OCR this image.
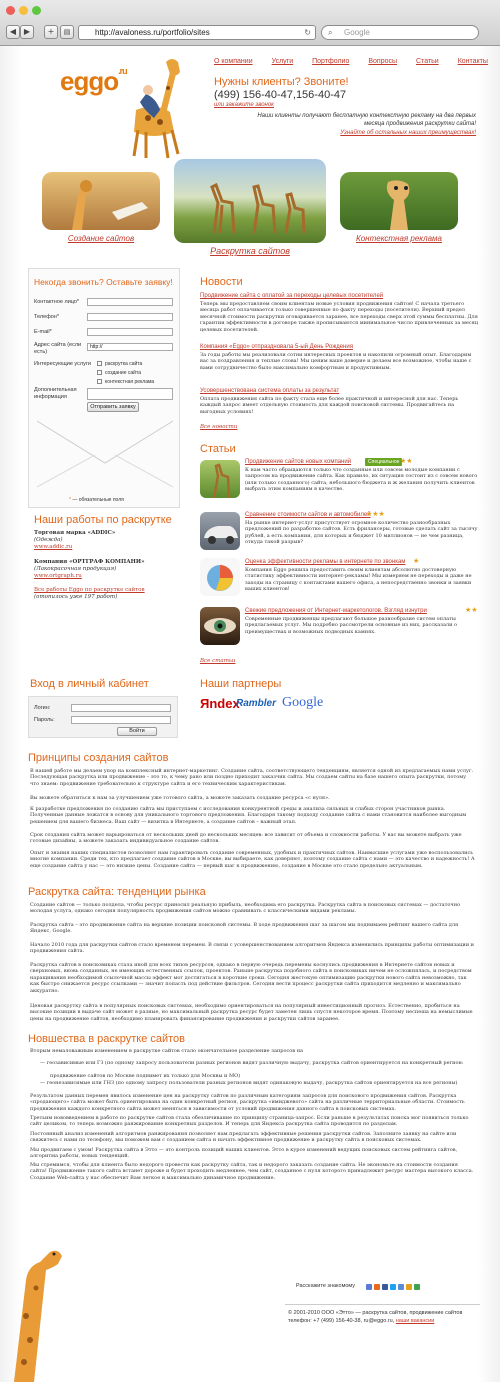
◀ ▶	+	▤	http://avaloness.ru/portfolio/sites	↻ ⌕ Google
eggo$^{.ru}$
О компании	Услуги	Портфолио	Вопросы	Статьи	Контакты
Нужны клиенты? Звоните!
(499) 156-40-47,156-40-47
или закажите звонок
Наши клиенты получают бесплатную контекстную рекламу на два первых месяца продвижения раскрутки сайта!
Узнайте об остальных наших преимуществах!
Создание сайтов
Раскрутка сайтов
Контекстная реклама
Некогда звонить? Оставьте заявку!
Контактное лицо*
Телефон*
E-mail*
Адрес сайта (если есть)
http://
Интересующие услуги	раскрутка сайта
создание сайта
контекстная реклама
Дополнительная информация
Отправить заявку
* — обязательные поля
Новости
Продвижение сайта с оплатой за переходы целевых посетителей
Теперь мы предоставляем своим клиентам новые условия продвижения сайтов! С начала третьего месяца работ оплачивается только совершенные по факту переходы (посетители). Верхний предел месячной стоимости раскрутки оговаривается заранее, все переходы сверх этой суммы бесплатны. Для гарантии эффективности в договоре также прописываются минимальное число привлеченных за месяц целевых посетителей.
Компания «Eggo» отпраздновала 5-ый День Рождения
За годы работы мы реализовали сотни интересных проектов и накопили огромный опыт. Благодарим вас за поздравления и теплые слова! Мы ценим ваше доверие и делаем все возможное, чтобы наше с вами сотрудничество было максимально комфортным и продуктивным.
Усовершенствована система оплаты за результат
Оплата продвижения сайта по факту стала еще более практичной и интересной для нас. Теперь каждый запрос имеет отдельную стоимость для каждой поисковой системы. Продвигайтесь на выгодных условиях!
Все новости
Статьи
Продвижение сайтов новых компаний	Специальное ★★
К нам часто обращаются только что созданные или совсем молодые компании с запросом на продвижение сайта. Как правило, их ситуация состоит из с совсем нового (или только созданного) сайта, небольшого бюджета и ж желания получить клиентов выбрать этим компаниям в качестве.
Сравнение стоимости сайтов и автомобилей
★★★
На рынке интернет-услуг присутствует огромное количество разнообразных предложений по разработке сайтов. Есть фрилансеры, готовые сделать сайт за тысячу рублей, а есть компании, для которых и бюджет 10 миллионов — не чем разница, откуда такой разрыв?
Оценка эффективности рекламы в интернете по звонкам ★
Компания Eggo решила предоставить своим клиентам абсолютно достоверную статистику эффективности интернет-рекламы! Мы измеряем не переходы и даже не заходы на страницу с контактами вашего офиса, а непосредственно звонки и заявки ваших клиентов!
Свежие предложения от Интернет-маркетологов. Взгляд изнутри	★★
Современные продвиженцы предлагают большое разнообразие систем оплаты предлагаемых услуг. Мы подробно рассмотрели основные из них, рассказали о преимуществах и возможных подводных камнях.
Все статьи
Наши работы по раскрутке
Торговая марка «ADDIC»
(Одежда)
www.addic.ru
Компания «ОРТГРАФ КОМПАНИ»
(Лакокрасочная продукция)
www.ortgraph.ru
Все работы Eggo по раскрутке сайтов
(отопилось уже 197 работ)
Вход в личный кабинет
Логин:
Пароль:
Войти
Наши партнеры
Яndex
Rambler Google
Принципы создания сайтов
В нашей работе мы делаем упор на комплексный интернет-маркетинг. Создание сайта, соответствующего тенденциям, является одной из предлагаемых нами услуг. Последующая раскрутка или продвижение – это то, к чему рано или поздно приходит заказчик сайта. Мы создаем сайты на базе нашего опыта раскрутки, потому что знаем: продвижение требовательно к структуре сайта и его техническим характеристикам.
Вы можете обратиться к нам за улучшением уже готового сайта, а можете заказать создание ресурса «с нуля».
К разработке предложения по созданию сайта мы приступаем с исследования конкурентной среды и анализа сильных и слабых сторон участников рынка. Полученные данные ложатся в основу для уникального торгового предложения. Благодаря такому подходу создание сайта с нами становится наиболее выгодным решением для вашего бизнеса. Ваш сайт — визитка в Интернете, а создание сайтов – важный этап.
Срок создания сайта может варьироваться от нескольких дней до нескольких месяцев: все зависит от объема и сложности работы. У вас вы можете выбрать уже готовые дизайны, а можете заказать индивидуальное создание сайтов.
Опыт и знания наших специалистов позволяют нам гарантировать создание современных, удобных и практичных сайтов. Наивысшие услугами уже воспользовались многие компании. Среди тех, кто предлагает создание сайтов в Москве, вы выбираете, как доверяют, поэтому создание сайта с нами — это качество и надежность! А еще создание сайта у нас — это низкие цены. Создание сайта — первый шаг к продвижению, создание в Москве это стало предельно актуальным.
Раскрутка сайта: тенденции рынка
Создание сайтов — только полдела, чтобы ресурс приносил реальную прибыль, необходима его раскрутка. Раскрутка сайта в поисковых системах — достаточно молодая услуга, однако сегодня популярность продвижения сайтов можно сравнивать с классическими видами рекламы.
Раскрутка сайта – это продвижение сайта на верхние позиции поисковой системы. В ходе продвижения шаг за шагом мы поднимаем рейтинг вашего сайта для Яндекс, Google.
Начало 2010 года для раскрутки сайтов стало временем перемен. В связи с усовершенствованием алгоритмов Яндекса изменились принципы работы оптимизации и продвижения сайта.
Раскрутка сайтов в поисковиках стала иной для всех типов ресурсов, однако в первую очередь перемены коснулись продвижения в Интернете сайтов новых и сверхновых, вновь созданных, не имеющих естественных ссылок, проектов. Раньше раскрутка подобного сайта в поисковиках ничем не осложнялась, и посредством наращивания необходимой ссылочной массы эффект мог достигаться в короткие сроки. Сегодня жестокую оптимизацию раскрутки нового сайта невозможно, так как быстро снижается ресурс ссылками — значит попасть под действие фильтров. Сегодня вести процесс раскрутки сайта приходится медленно и максимально аккуратно.
Ценовая раскрутку сайта в популярных поисковых системах, необходимо ориентироваться на популярный инвестиционный прогноз. Естественно, пробиться на высокие позиции в выдаче сайт может в разные, но максимальный раскрутка ресурс будет заметен лишь спустя некоторое время. Поэтому неспеша на немыслимые цены на продвижение сайтов, необходимо планировать финансирование продвижения и раскрутки сайтов заранее.
Новшества в раскрутке сайтов
Вторым немаловажным изменением в раскрутке сайтов стало окончательное разделение запросов на
— геозависимые или ГЗ (по одному запросу пользователи разных регионов видят различную выдачу, раскрутка сайтов ориентируется на конкретный регион:
продвижение сайтов по Москве поднимет их только для Москвы и МО)
— геонезависимые или ГНЗ (по одному запросу пользователи разных регионов видят одинаковую выдачу, раскрутка сайтов ориентируется на все регионы)
Результатом данных перемен явилось изменение цен на раскрутку сайтов по различным категориям запросов для поискового продвижения сайтов. Раскрутка «продающего» сайта может быть ориентирована на один конкретный регион, раскрутка «имиджевого» сайта на различные территориальные области. Стоимость продвижения каждого конкретного сайта может меняться в зависимости от условий продвижения данного сайта в поисковых системах.
Третьим нововведением в работе по раскрутке сайтов стала обезличивание по принципу страница-запрос. Если раньше в результатах поиска мог появиться только сайт целиком, то теперь возможно ранжирование конкретных разделов. И теперь для Яндекса раскрутка сайта проводится по разделам.
Постоянный анализ изменений алгоритмов ранжирования позволяет нам предлагать эффективные решения раскрутки сайтов. Заполните заявку на сайте или свяжитесь с нами по телефону, мы поможем вам с созданием сайта и начать эффективное продвижение и раскрутку сайта в поисковых системах.
Мы продвигаем с умом! Раскрутка сайта в Этто — это контроль позиций наших клиентов. Этто в курсе изменений ведущих поисковых систем рейтинга сайтов, алгоритма работы, новых тенденций.
Мы стремимся, чтобы для клиента было недорого провести как раскрутку сайта, так и недорого заказать создание сайта. Не экономьте на стоимости создания сайта! Продвижение такого сайта встанет дороже и будет проходить медленнее, чем сайт, созданное с нуля которого принадлежит ресурс мастера высокого класса. Создание Web-сайта у нас обеспечит Вам легкое и максимально динамичное продвижение.
Расскажите знакомому
© 2001-2010 ООО «Этто» — раскрутка сайтов, продвижение сайтов
телефон: +7 (499) 156-40-38, ru@eggo.ru, наши вакансии
